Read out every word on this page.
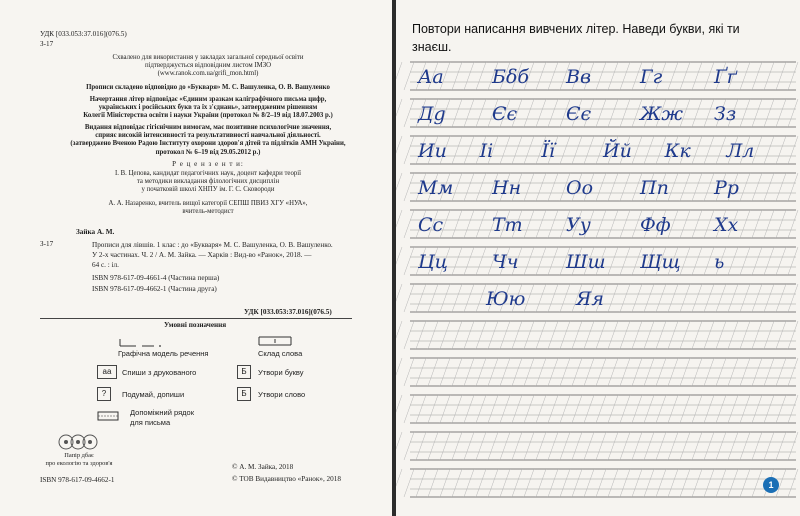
УДК [033.053:37.016](076.5)
З-17
Схвалено для використання у закладах загальної середньої освіти
підтверджується відповідним листом ІМЗО
(www.ranok.com.ua/grifi_mon.html)
Прописи складено відповідно до «Букваря» М. С. Вашуленка, О. В. Вашуленко
Начертання літер відповідає «Єдиним зразкам каліграфічного письма цифр,
українських і російських букв та їх з'єднань», затвердженим рішенням
Колегії Міністерства освіти і науки України (протокол № 8/2–19 від 18.07.2003 р.)
Видання відповідає гігієнічним вимогам, має позитивне психологічне значення,
сприяє високій інтенсивності та результативності навчальної діяльності.
(затверджено Вченою Радою Інституту охорони здоров'я дітей та підлітків АМН України,
протокол № 6–19 від 29.05.2012 р.)
Р е ц е н з е н т и:
І. В. Цепова, кандидат педагогічних наук, доцент кафедри теорії
та методики викладання філологічних дисциплін
у початковій школі ХНПУ ім. Г. С. Сковороди
А. А. Назаренко, вчитель вищої категорії СЕПШ ПВИЗ ХГУ «НУА»,
вчитель-методист
З-17
Зайка А. М.
Прописи для лівшів. 1 клас : до «Букваря» М. С. Вашуленка, О. В. Вашуленко.
У 2-х частинах. Ч. 2 / А. М. Зайка. — Харків : Вид-во «Ранок», 2018. —
64 с. : іл.
ISBN 978-617-09-4661-4 (Частина перша)
ISBN 978-617-09-4662-1 (Частина друга)
УДК [033.053:37.016](076.5)
Умовні позначення
Графічна модель речення	Склад слова
aa	Спиши з друкованого	Б	Утвори букву
?	Подумай, допиши	Б	Утвори слово
Допоміжний рядок
для письма
Папір дбає
про екологію та здоров'я
ISBN 978-617-09-4662-1
© А. М. Зайка, 2018
© ТОВ Видавництво «Ранок», 2018
Повтори написання вивчених літер. Наведи букви, які ти
знаєш.
Аа	Бδб Вв	Гг	Ґґ
Дg Єє	Єє	Жж Зз
Ии Іi	Її	Йй Кк Лл
Мм Нн Оо Пп Рр
Сс	Тт Уу	Фф Хх
Цц Чч Шш Щщ ь
Юю	Яя
1
